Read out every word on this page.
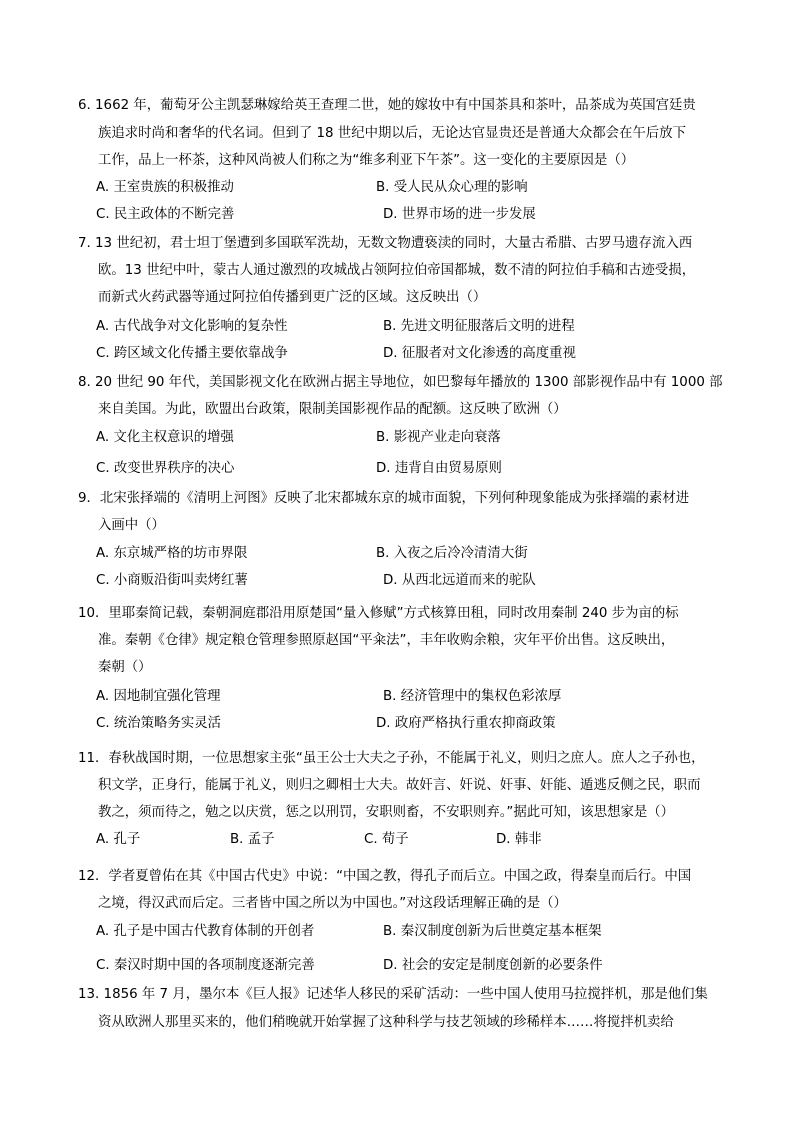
6. 1662 年，葡萄牙公主凯瑟琳嫁给英王查理二世，她的嫁妆中有中国茶具和茶叶，品茶成为英国宫廷贵
族追求时尚和奢华的代名词。但到了 18 世纪中期以后，无论达官显贵还是普通大众都会在午后放下
工作，品上一杯茶，这种风尚被人们称之为“维多利亚下午茶”。这一变化的主要原因是（）
A. 王室贵族的积极推动	B. 受人民从众心理的影响
C. 民主政体的不断完善	D. 世界市场的进一步发展
7. 13 世纪初，君士坦丁堡遭到多国联军洗劫，无数文物遭亵渎的同时，大量古希腊、古罗马遗存流入西
欧。13 世纪中叶，蒙古人通过激烈的攻城战占领阿拉伯帝国都城，数不清的阿拉伯手稿和古迹受损，
而新式火药武器等通过阿拉伯传播到更广泛的区域。这反映出（）
A. 古代战争对文化影响的复杂性	B. 先进文明征服落后文明的进程
C. 跨区域文化传播主要依靠战争	D. 征服者对文化渗透的高度重视
8. 20 世纪 90 年代，美国影视文化在欧洲占据主导地位，如巴黎每年播放的 1300 部影视作品中有 1000 部
来自美国。为此，欧盟出台政策，限制美国影视作品的配额。这反映了欧洲（）
A. 文化主权意识的增强	B. 影视产业走向衰落
C. 改变世界秩序的决心	D. 违背自由贸易原则
9．北宋张择端的《清明上河图》反映了北宋都城东京的城市面貌，下列何种现象能成为张择端的素材进
入画中（）
A. 东京城严格的坊市界限	B. 入夜之后冷冷清清大街
C. 小商贩沿街叫卖烤红薯	D. 从西北远道而来的驼队
10．里耶秦简记载，秦朝洞庭郡沿用原楚国“量入修赋”方式核算田租，同时改用秦制 240 步为亩的标
准。秦朝《仓律》规定粮仓管理参照原赵国“平籴法”，丰年收购余粮，灾年平价出售。这反映出，
秦朝（）
A. 因地制宜强化管理	B. 经济管理中的集权色彩浓厚
C. 统治策略务实灵活	D. 政府严格执行重农抑商政策
11．春秋战国时期，一位思想家主张“虽王公士大夫之子孙，不能属于礼义，则归之庶人。庶人之子孙也，
积文学，正身行，能属于礼义，则归之卿相士大夫。故奸言、奸说、奸事、奸能、遁逃反侧之民，职而
教之，须而待之，勉之以庆赏，惩之以刑罚，安职则畜，不安职则弃。”据此可知，该思想家是（）
A. 孔子	B. 孟子	C. 荀子	D. 韩非
12．学者夏曾佑在其《中国古代史》中说：“中国之教，得孔子而后立。中国之政，得秦皇而后行。中国
之境，得汉武而后定。三者皆中国之所以为中国也。”对这段话理解正确的是（）
A. 孔子是中国古代教育体制的开创者	B. 秦汉制度创新为后世奠定基本框架
C. 秦汉时期中国的各项制度逐渐完善	D. 社会的安定是制度创新的必要条件
13. 1856 年 7 月，墨尔本《巨人报》记述华人移民的采矿活动：一些中国人使用马拉搅拌机，那是他们集
资从欧洲人那里买来的，他们稍晚就开始掌握了这种科学与技艺领域的珍稀样本……将搅拌机卖给
